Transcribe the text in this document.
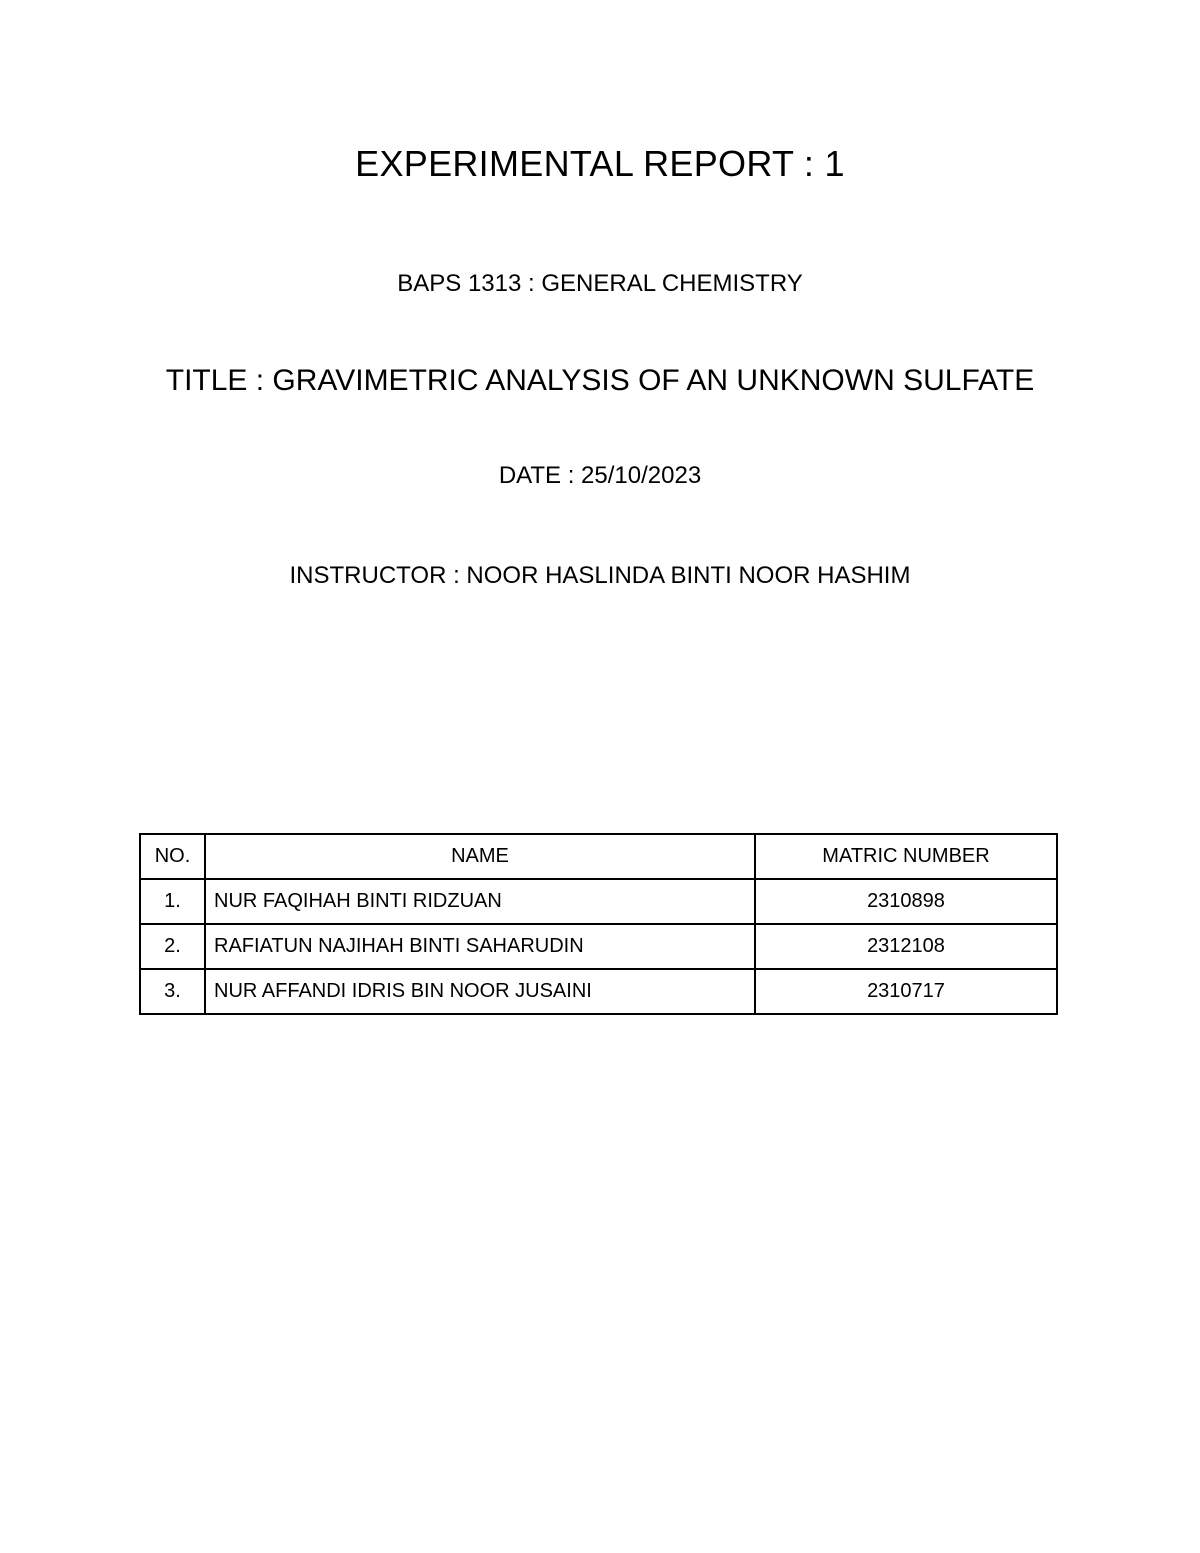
EXPERIMENTAL REPORT : 1
BAPS 1313 : GENERAL CHEMISTRY
TITLE : GRAVIMETRIC ANALYSIS OF AN UNKNOWN SULFATE
DATE : 25/10/2023
INSTRUCTOR : NOOR HASLINDA BINTI NOOR HASHIM
NO.	NAME	MATRIC NUMBER
1.	NUR FAQIHAH BINTI RIDZUAN	2310898
2.	RAFIATUN NAJIHAH BINTI SAHARUDIN	2312108
3.	NUR AFFANDI IDRIS BIN NOOR JUSAINI	2310717
